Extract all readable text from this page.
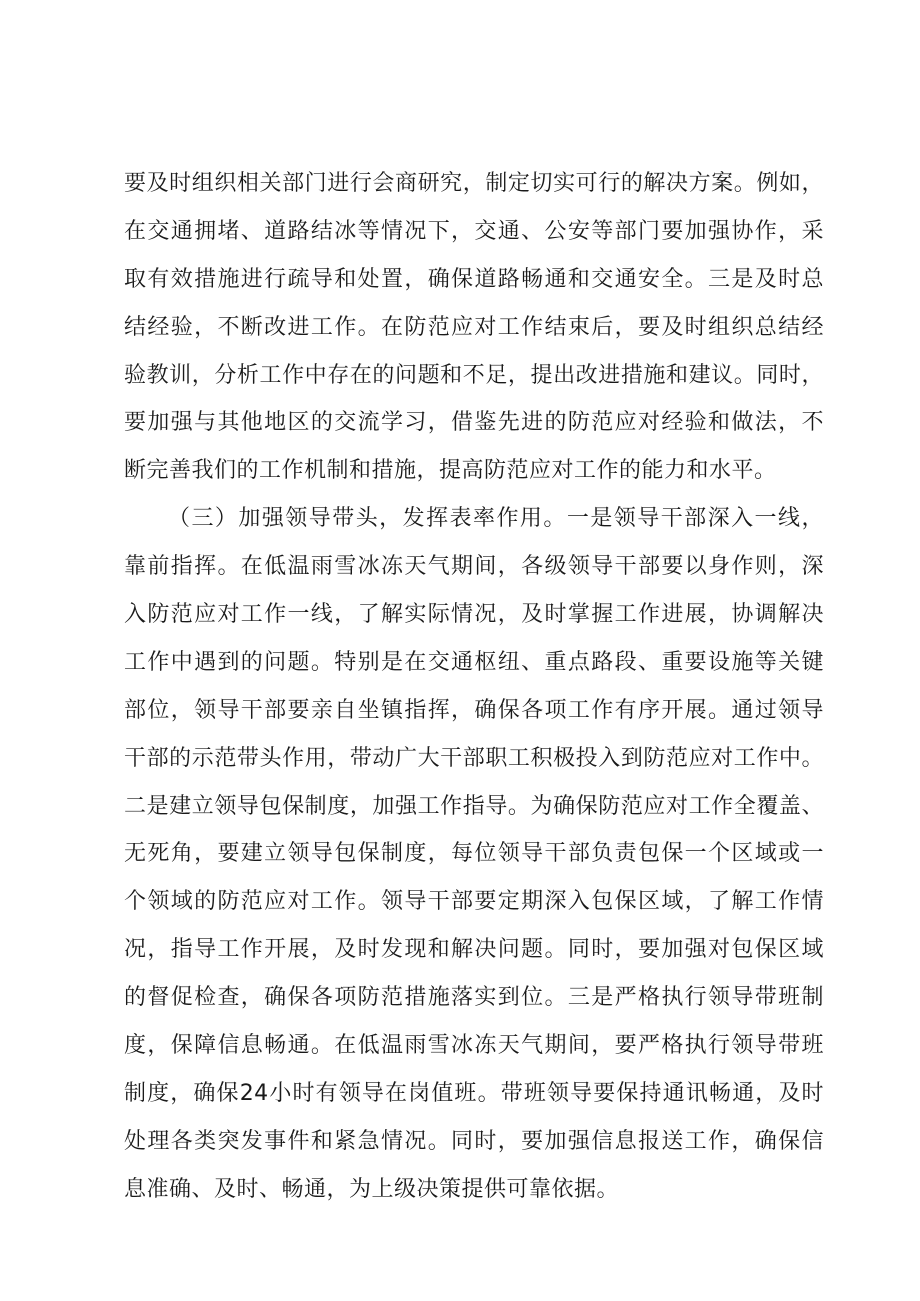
要及时组织相关部门进行会商研究，制定切实可行的解决方案。例如，
在交通拥堵、道路结冰等情况下，交通、公安等部门要加强协作，采
取有效措施进行疏导和处置，确保道路畅通和交通安全。三是及时总
结经验，不断改进工作。在防范应对工作结束后，要及时组织总结经
验教训，分析工作中存在的问题和不足，提出改进措施和建议。同时，
要加强与其他地区的交流学习，借鉴先进的防范应对经验和做法，不
断完善我们的工作机制和措施，提高防范应对工作的能力和水平。
（三）加强领导带头，发挥表率作用。一是领导干部深入一线，
靠前指挥。在低温雨雪冰冻天气期间，各级领导干部要以身作则，深
入防范应对工作一线，了解实际情况，及时掌握工作进展，协调解决
工作中遇到的问题。特别是在交通枢纽、重点路段、重要设施等关键
部位，领导干部要亲自坐镇指挥，确保各项工作有序开展。通过领导
干部的示范带头作用，带动广大干部职工积极投入到防范应对工作中。
二是建立领导包保制度，加强工作指导。为确保防范应对工作全覆盖、
无死角，要建立领导包保制度，每位领导干部负责包保一个区域或一
个领域的防范应对工作。领导干部要定期深入包保区域，了解工作情
况，指导工作开展，及时发现和解决问题。同时，要加强对包保区域
的督促检查，确保各项防范措施落实到位。三是严格执行领导带班制
度，保障信息畅通。在低温雨雪冰冻天气期间，要严格执行领导带班
制度，确保24小时有领导在岗值班。带班领导要保持通讯畅通，及时
处理各类突发事件和紧急情况。同时，要加强信息报送工作，确保信
息准确、及时、畅通，为上级决策提供可靠依据。
